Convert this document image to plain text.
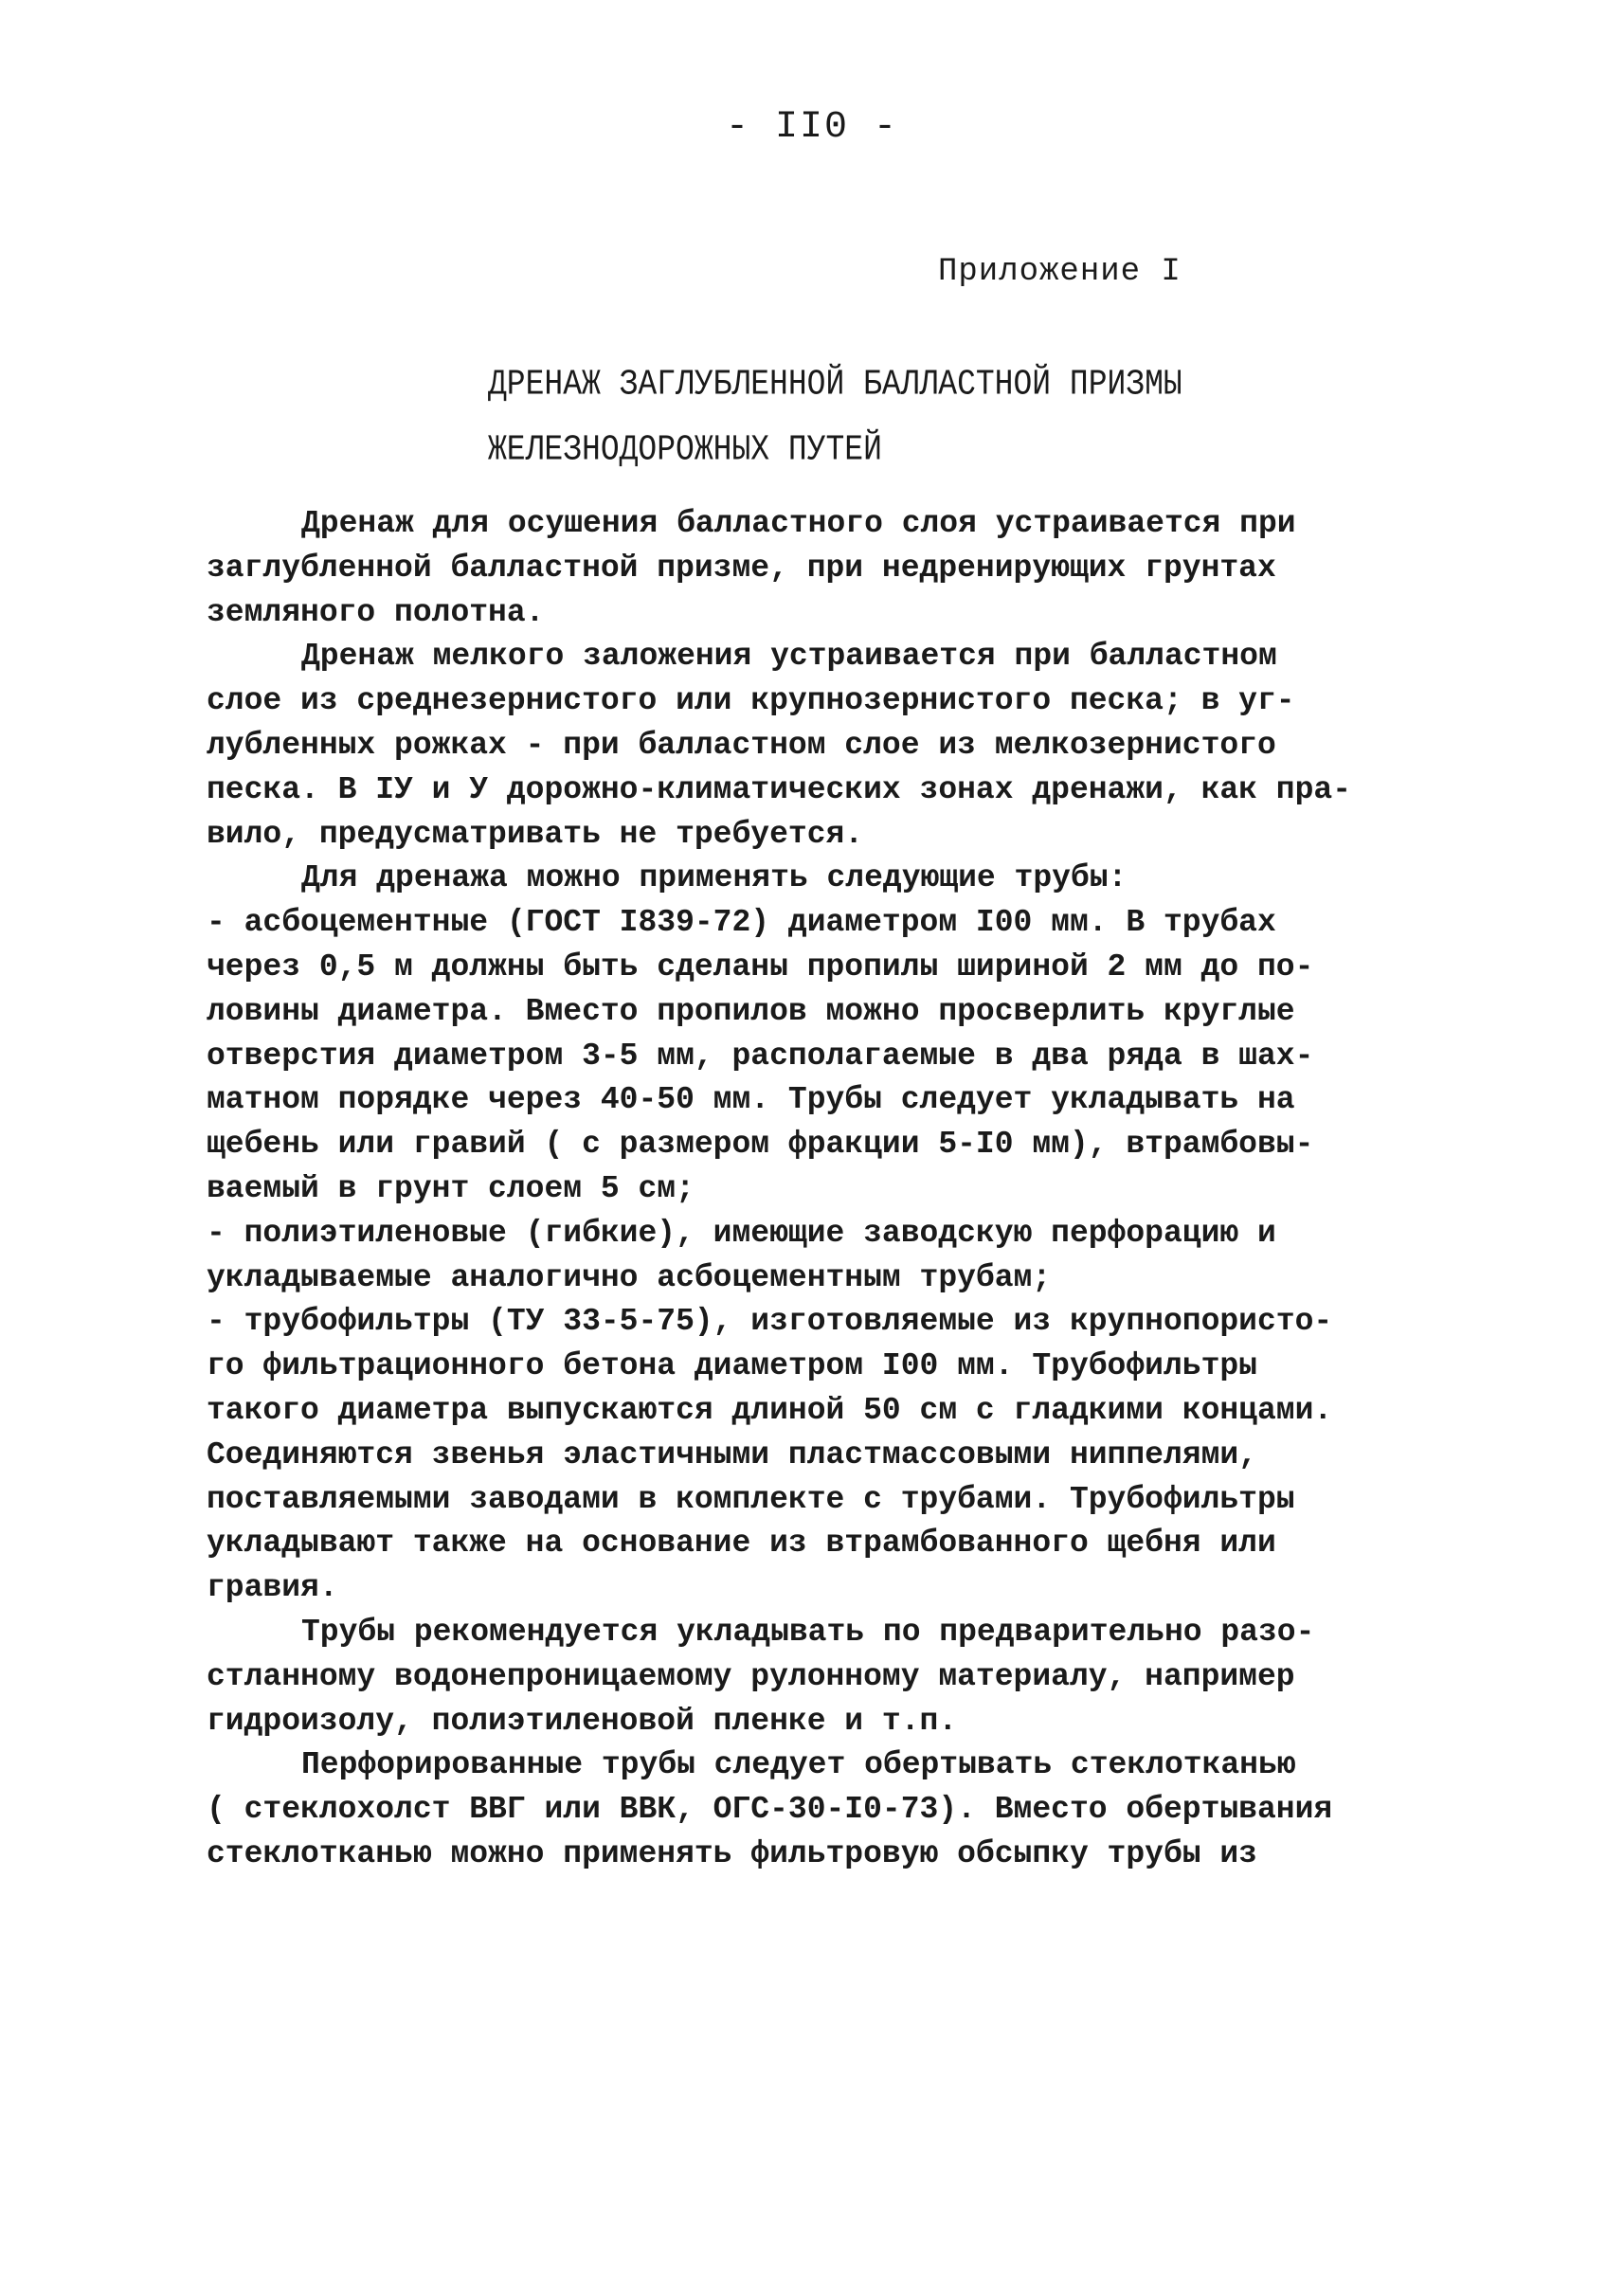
- II0 -
Приложение I
ДРЕНАЖ ЗАГЛУБЛЕННОЙ БАЛЛАСТНОЙ ПРИЗМЫ
ЖЕЛЕЗНОДОРОЖНЫХ ПУТЕЙ
Дренаж для осушения балластного слоя устраивается при
заглубленной балластной призме, при недренирующих грунтах
земляного полотна.
Дренаж мелкого заложения устраивается при балластном
слое из среднезернистого или крупнозернистого песка; в уг-
лубленных рожках - при балластном слое из мелкозернистого
песка. В IУ и У дорожно-климатических зонах дренажи, как пра-
вило, предусматривать не требуется.
Для дренажа можно применять следующие трубы:
- асбоцементные (ГОСТ I839-72) диаметром I00 мм. В трубах
через 0,5 м должны быть сделаны пропилы шириной 2 мм до по-
ловины диаметра. Вместо пропилов можно просверлить круглые
отверстия диаметром 3-5 мм, располагаемые в два ряда в шах-
матном порядке через 40-50 мм. Трубы следует укладывать на
щебень или гравий ( с размером фракции 5-I0 мм), втрамбовы-
ваемый в грунт слоем 5 см;
- полиэтиленовые (гибкие), имеющие заводскую перфорацию и
укладываемые аналогично асбоцементным трубам;
- трубофильтры (ТУ 33-5-75), изготовляемые из крупнопористо-
го фильтрационного бетона диаметром I00 мм. Трубофильтры
такого диаметра выпускаются длиной 50 см с гладкими концами.
Соединяются звенья эластичными пластмассовыми ниппелями,
поставляемыми заводами в комплекте с трубами. Трубофильтры
укладывают также на основание из втрамбованного щебня или
гравия.
Трубы рекомендуется укладывать по предварительно разо-
стланному водонепроницаемому рулонному материалу, например
гидроизолу, полиэтиленовой пленке и т.п.
Перфорированные трубы следует обертывать стеклотканью
( стеклохолст ВВГ или ВВК, ОГС-30-I0-73). Вместо обертывания
стеклотканью можно применять фильтровую обсыпку трубы из
